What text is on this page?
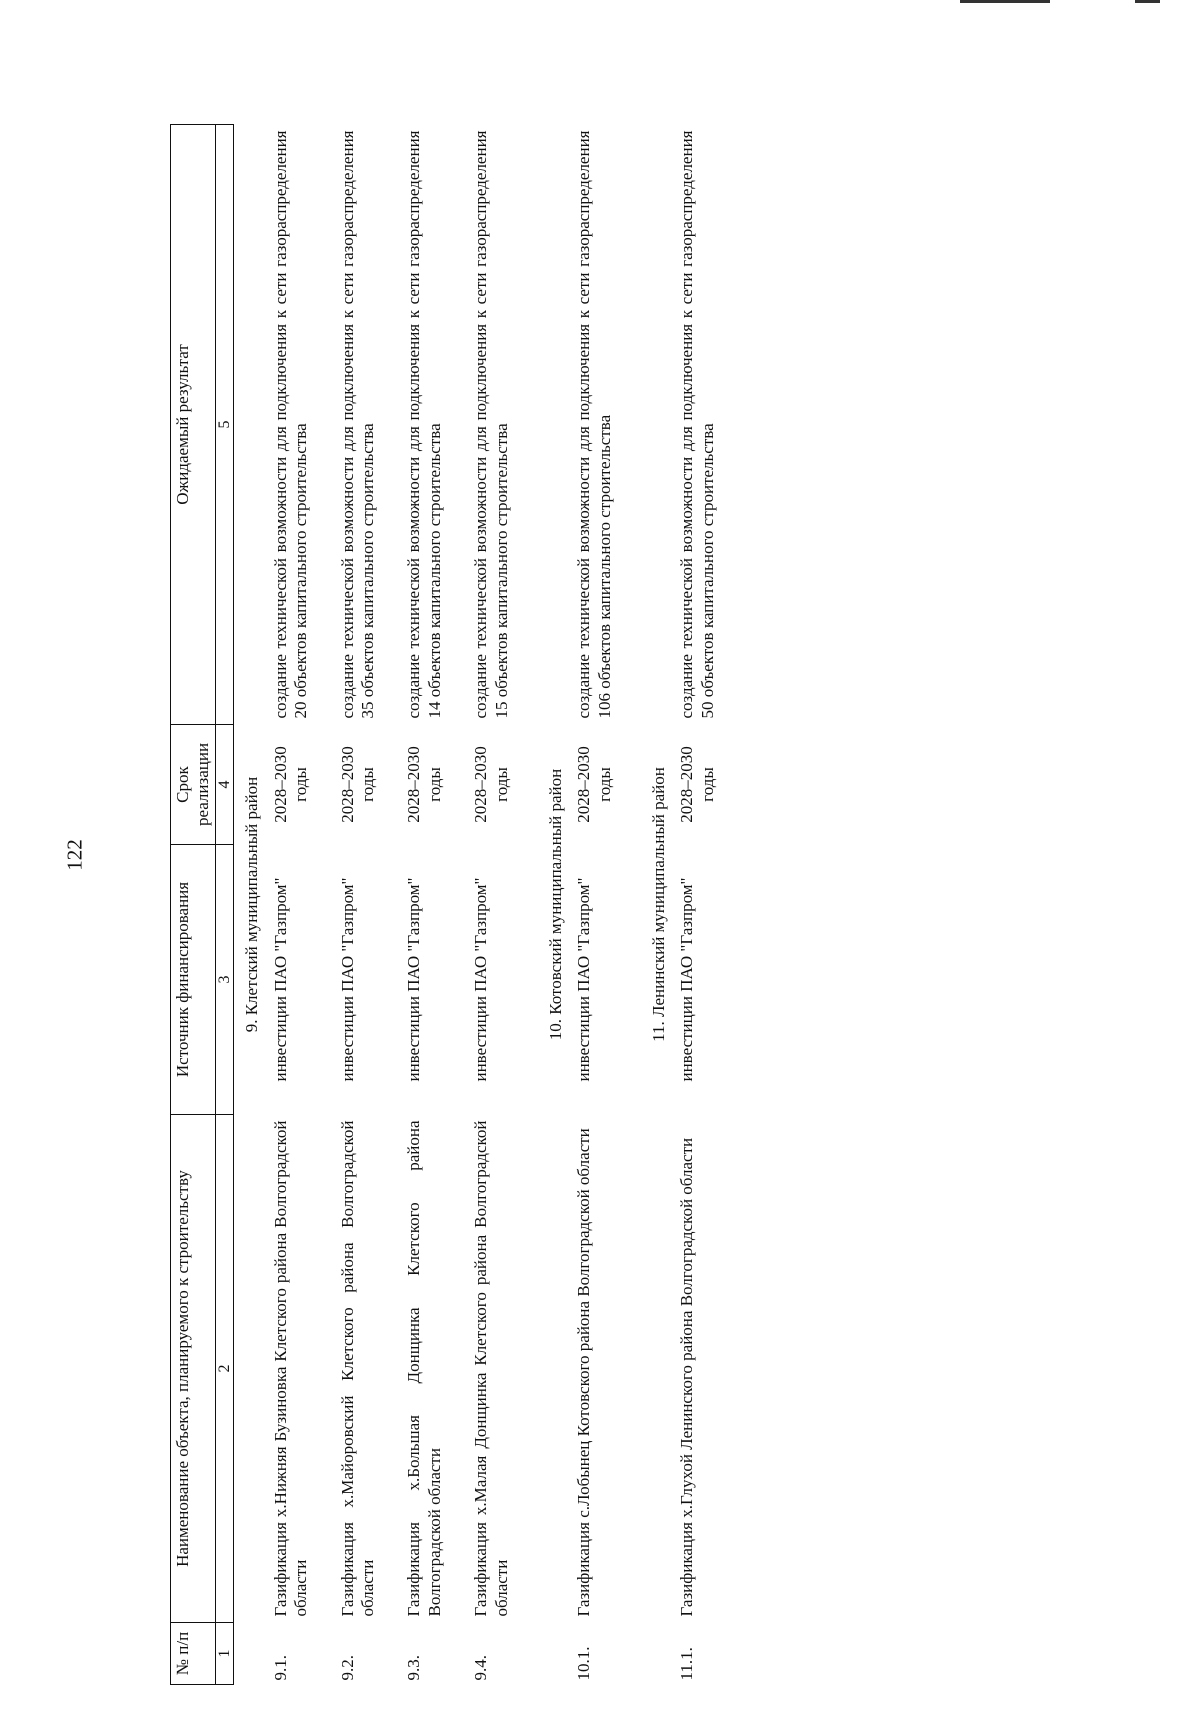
122
№ п/п	Наименование объекта, планируемого к строительству	Источник финансирования	Срок реализации	Ожидаемый результат
1	2	3	4	5
9. Клетский муниципальный район				
9.1.	Газификация х.Нижняя Бузиновка Клетского района Волгоградской области	инвестиции ПАО "Газпром"	2028–2030 годы	создание технической возможности для подключения к сети газораспределения 20 объектов капитального строительства
9.2.	Газификация х.Майоровский Клетского района Волгоградской области	инвестиции ПАО "Газпром"	2028–2030 годы	создание технической возможности для подключения к сети газораспределения 35 объектов капитального строительства
9.3.	Газификация х.Большая Донщинка Клетского района Волгоградской области	инвестиции ПАО "Газпром"	2028–2030 годы	создание технической возможности для подключения к сети газораспределения 14 объектов капитального строительства
9.4.	Газификация х.Малая Донщинка Клетского района Волгоградской области	инвестиции ПАО "Газпром"	2028–2030 годы	создание технической возможности для подключения к сети газораспределения 15 объектов капитального строительства
10. Котовский муниципальный район				
10.1.	Газификация с.Лобынец Котовского района Волгоградской области	инвестиции ПАО "Газпром"	2028–2030 годы	создание технической возможности для подключения к сети газораспределения 106 объектов капитального строительства
11. Ленинский муниципальный район				
11.1.	Газификация х.Глухой Ленинского района Волгоградской области	инвестиции ПАО "Газпром"	2028–2030 годы	создание технической возможности для подключения к сети газораспределения 50 объектов капитального строительства
